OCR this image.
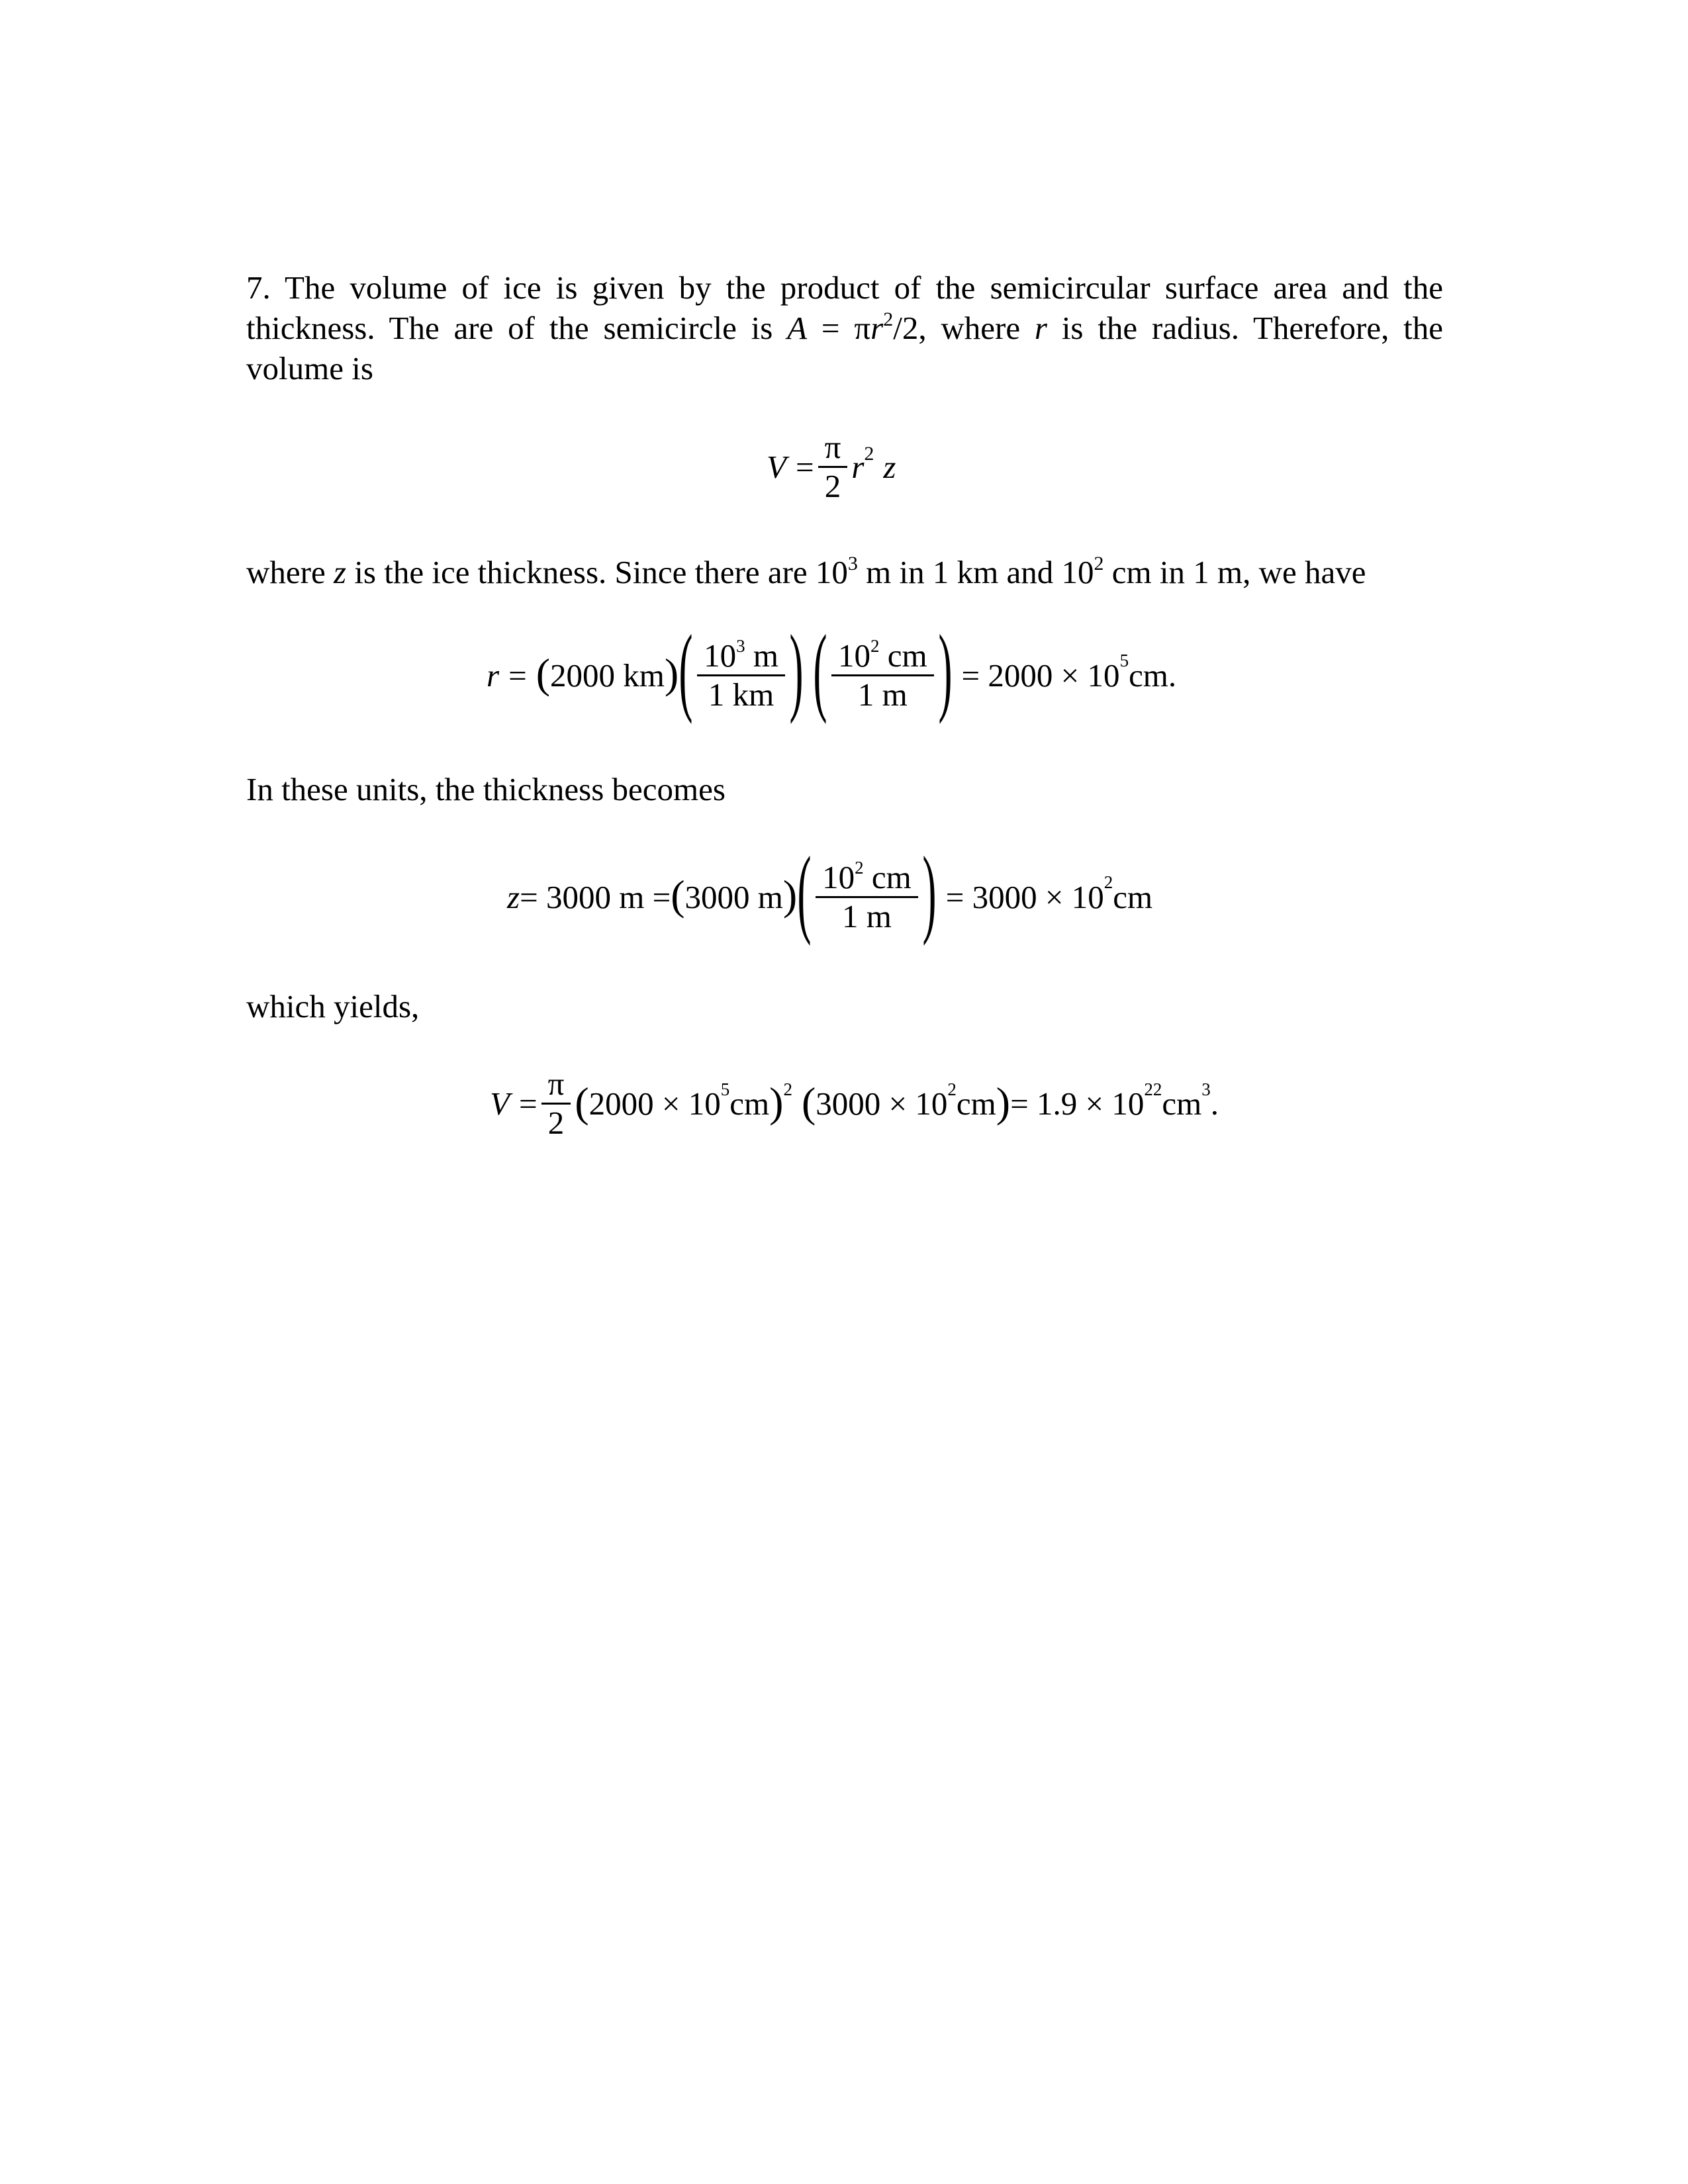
7. The volume of ice is given by the product of the semicircular surface area and the
thickness. The are of the semicircle is $A = \pi r^2/2$, where r is the radius. Therefore, the
volume is
$V = \frac{\pi}{2} r^2$ z
where z is the ice thickness. Since there are $10^3$ m in 1 km and $10^2$ cm in 1 m, we have
r = ( 2000 km ) ( $\frac{10^3 m}{1 km}$ ) ( $\frac{10^2 cm}{1 m}$ ) = 2000 × 10 5 cm.
In these units, the thickness becomes
z = 3000 m = ( 3000 m ) ( $\frac{10^2 cm}{1 m}$ ) = 3000 × 10 2 cm
which yields,
$V = \frac{\pi}{2}$ ( 2000 × 10 5 cm ) 2 ( 3000 × 10 2 cm ) = 1.9 × 10 22 cm 3 .
